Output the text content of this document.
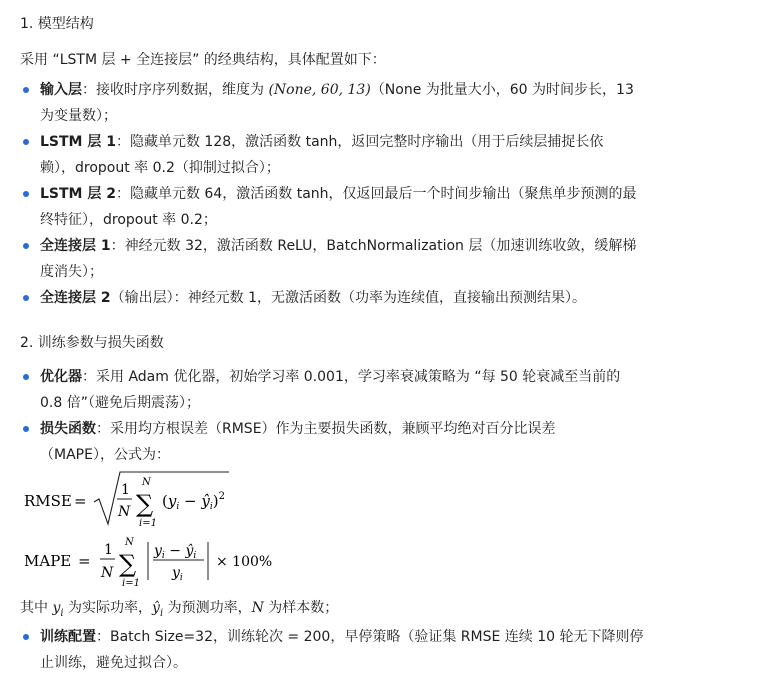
1. 模型结构
采用 “LSTM 层 + 全连接层” 的经典结构，具体配置如下：
输入层：接收时序序列数据，维度为 (None, 60, 13)（None 为批量大小，60 为时间步长，13
为变量数）；
LSTM 层 1：隐藏单元数 128，激活函数 tanh，返回完整时序输出（用于后续层捕捉长依
赖），dropout 率 0.2（抑制过拟合）；
LSTM 层 2：隐藏单元数 64，激活函数 tanh，仅返回最后一个时间步输出（聚焦单步预测的最
终特征），dropout 率 0.2；
全连接层 1：神经元数 32，激活函数 ReLU，BatchNormalization 层（加速训练收敛，缓解梯
度消失）；
全连接层 2（输出层）：神经元数 1，无激活函数（功率为连续值，直接输出预测结果）。
2. 训练参数与损失函数
优化器：采用 Adam 优化器，初始学习率 0.001，学习率衰减策略为 “每 50 轮衰减至当前的
0.8 倍”（避免后期震荡）；
损失函数：采用均方根误差（RMSE）作为主要损失函数，兼顾平均绝对百分比误差
（MAPE），公式为：
RMSE =
1
N
N
∑
i=1
($y_i$ − $ŷ_i)^2$
MAPE =
1
N
N
∑
i=1
$y_i$ − $ŷ_i$
$y_i$
× 100%
其中 $y_i$ 为实际功率，$ŷ_i$ 为预测功率，N 为样本数；
训练配置：Batch Size=32，训练轮次 = 200，早停策略（验证集 RMSE 连续 10 轮无下降则停
止训练，避免过拟合）。
